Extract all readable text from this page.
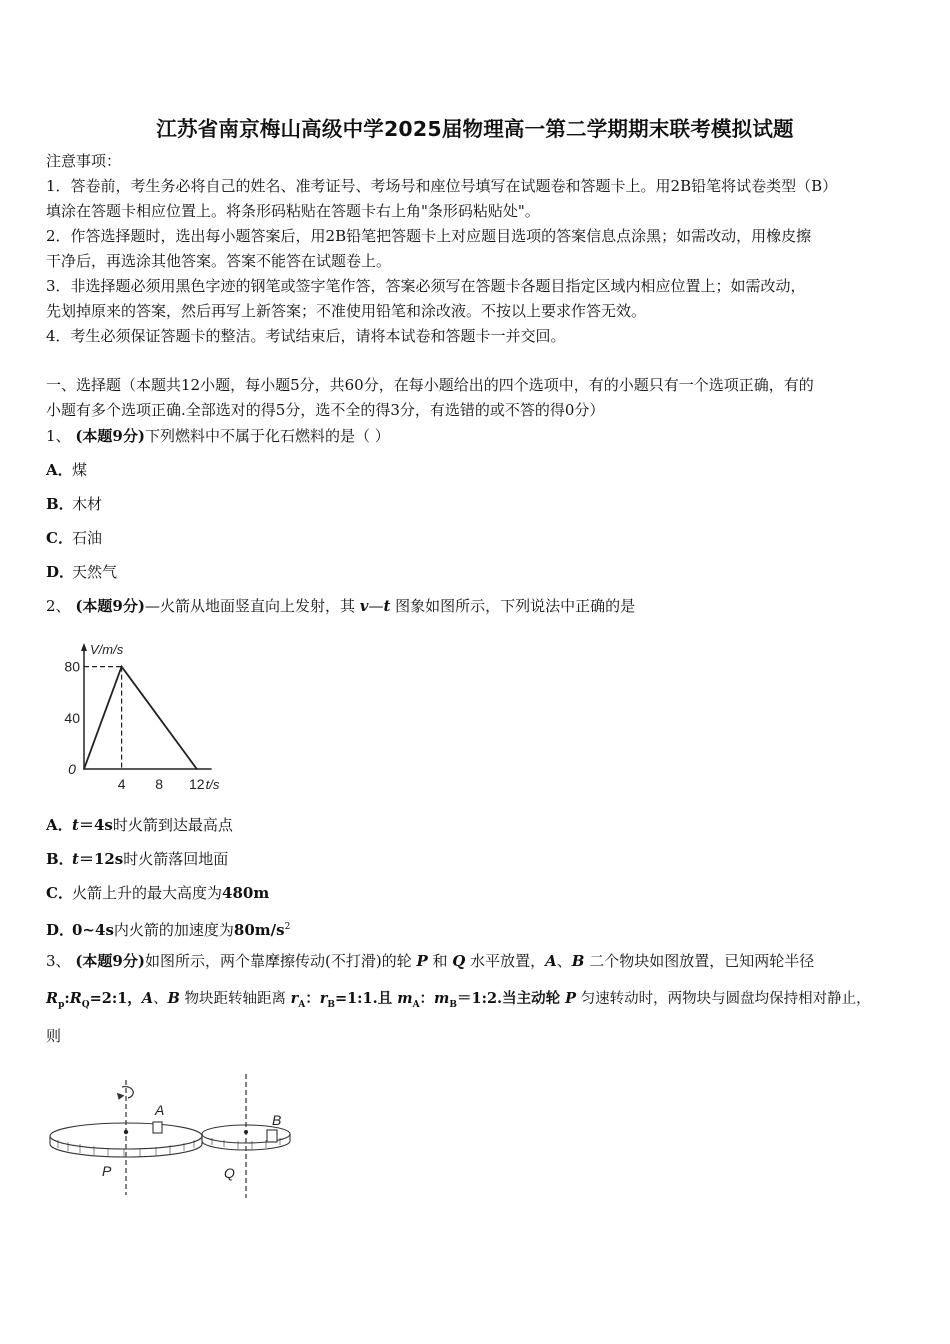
江苏省南京梅山高级中学2025届物理高一第二学期期末联考模拟试题
注意事项：
1．答卷前，考生务必将自己的姓名、准考证号、考场号和座位号填写在试题卷和答题卡上。用2B铅笔将试卷类型（B）
填涂在答题卡相应位置上。将条形码粘贴在答题卡右上角"条形码粘贴处"。
2．作答选择题时，选出每小题答案后，用2B铅笔把答题卡上对应题目选项的答案信息点涂黑；如需改动，用橡皮擦
干净后，再选涂其他答案。答案不能答在试题卷上。
3．非选择题必须用黑色字迹的钢笔或签字笔作答，答案必须写在答题卡各题目指定区域内相应位置上；如需改动，
先划掉原来的答案，然后再写上新答案；不准使用铅笔和涂改液。不按以上要求作答无效。
4．考生必须保证答题卡的整洁。考试结束后，请将本试卷和答题卡一并交回。
一、选择题（本题共12小题，每小题5分，共60分，在每小题给出的四个选项中，有的小题只有一个选项正确，有的
小题有多个选项正确.全部选对的得5分，选不全的得3分，有选错的或不答的得0分）
1、 (本题9分)下列燃料中不属于化石燃料的是（ ）
A．煤
B．木材
C．石油
D．天然气
2、 (本题9分)—火箭从地面竖直向上发射，其 v—t 图象如图所示，下列说法中正确的是
0
4 8 12
40
80
V/m/s
t/s
A．t＝4s时火箭到达最高点
B．t＝12s时火箭落回地面
C．火箭上升的最大高度为480m
D．0~4s内火箭的加速度为$80m/s^2$
3、 (本题9分)如图所示，两个靠摩擦传动(不打滑)的轮 P 和 Q 水平放置，A、B 二个物块如图放置，已知两轮半径
$R_p:R_Q=2:1$，A、B 物块距转轴距离 $r_A$：$r_B=1:1$.且 $m_A$：$m_B=1:2$.当主动轮 P 匀速转动时，两物块与圆盘均保持相对静止，
则
A
B
P	Q
